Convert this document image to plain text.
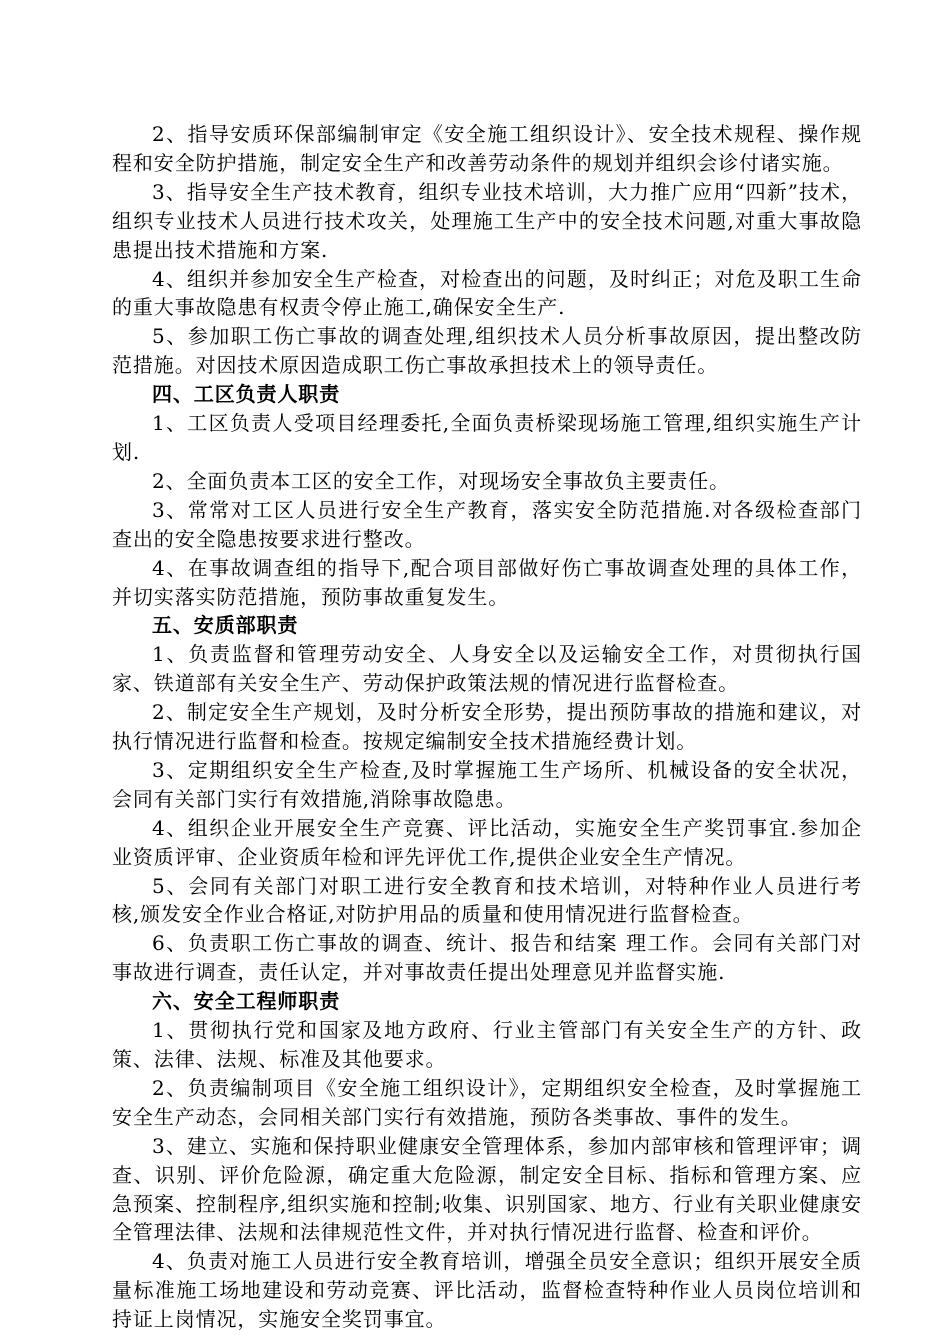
2、指导安质环保部编制审定《安全施工组织设计》、安全技术规程、操作规程和安全防护措施，制定安全生产和改善劳动条件的规划并组织会诊付诸实施。

3、指导安全生产技术教育，组织专业技术培训，大力推广应用“四新”技术，组织专业技术人员进行技术攻关，处理施工生产中的安全技术问题,对重大事故隐患提出技术措施和方案.

4、组织并参加安全生产检查，对检查出的问题，及时纠正；对危及职工生命的重大事故隐患有权责令停止施工,确保安全生产.

5、参加职工伤亡事故的调查处理,组织技术人员分析事故原因，提出整改防范措施。对因技术原因造成职工伤亡事故承担技术上的领导责任。

四、工区负责人职责

1、工区负责人受项目经理委托,全面负责桥梁现场施工管理,组织实施生产计划.

2、全面负责本工区的安全工作，对现场安全事故负主要责任。

3、常常对工区人员进行安全生产教育，落实安全防范措施.对各级检查部门查出的安全隐患按要求进行整改。

4、在事故调查组的指导下,配合项目部做好伤亡事故调查处理的具体工作，并切实落实防范措施，预防事故重复发生。

五、安质部职责

1、负责监督和管理劳动安全、人身安全以及运输安全工作，对贯彻执行国家、铁道部有关安全生产、劳动保护政策法规的情况进行监督检查。

2、制定安全生产规划，及时分析安全形势，提出预防事故的措施和建议，对执行情况进行监督和检查。按规定编制安全技术措施经费计划。

3、定期组织安全生产检查,及时掌握施工生产场所、机械设备的安全状况，会同有关部门实行有效措施,消除事故隐患。

4、组织企业开展安全生产竞赛、评比活动，实施安全生产奖罚事宜.参加企业资质评审、企业资质年检和评先评优工作,提供企业安全生产情况。

5、会同有关部门对职工进行安全教育和技术培训，对特种作业人员进行考核,颁发安全作业合格证,对防护用品的质量和使用情况进行监督检查。

6、负责职工伤亡事故的调查、统计、报告和结案 理工作。会同有关部门对事故进行调查，责任认定，并对事故责任提出处理意见并监督实施.

六、安全工程师职责

1、贯彻执行党和国家及地方政府、行业主管部门有关安全生产的方针、政策、法律、法规、标准及其他要求。

2、负责编制项目《安全施工组织设计》，定期组织安全检查，及时掌握施工安全生产动态，会同相关部门实行有效措施，预防各类事故、事件的发生。

3、建立、实施和保持职业健康安全管理体系，参加内部审核和管理评审；调查、识别、评价危险源，确定重大危险源，制定安全目标、指标和管理方案、应急预案、控制程序,组织实施和控制;收集、识别国家、地方、行业有关职业健康安全管理法律、法规和法律规范性文件，并对执行情况进行监督、检查和评价。

4、负责对施工人员进行安全教育培训，增强全员安全意识；组织开展安全质量标准施工场地建设和劳动竞赛、评比活动，监督检查特种作业人员岗位培训和持证上岗情况，实施安全奖罚事宜。
